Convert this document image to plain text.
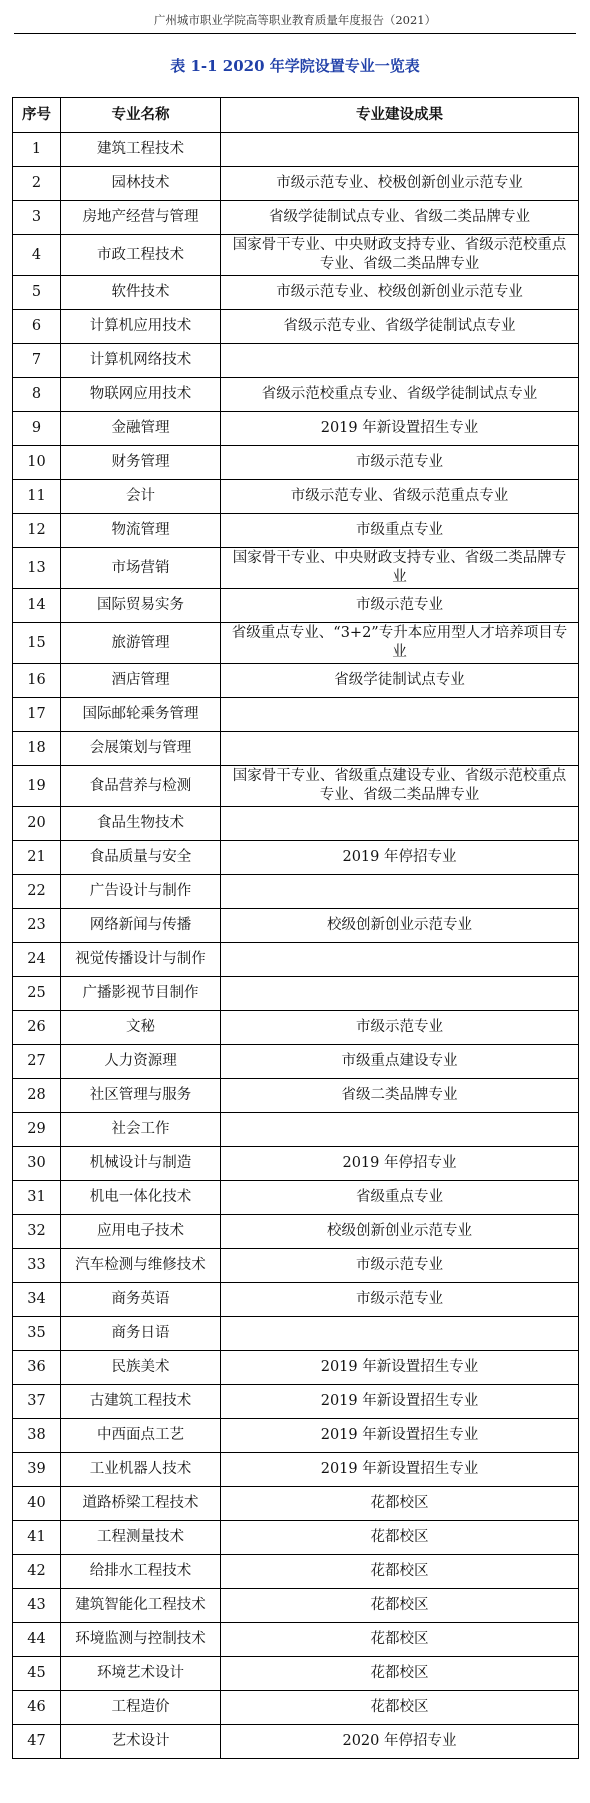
广州城市职业学院高等职业教育质量年度报告（2021）
表 1-1 2020 年学院设置专业一览表
序号	专业名称	专业建设成果
1	建筑工程技术	
2	园林技术	市级示范专业、校极创新创业示范专业
3	房地产经营与管理	省级学徒制试点专业、省级二类品牌专业
4	市政工程技术	国家骨干专业、中央财政支持专业、省级示范校重点专业、省级二类品牌专业
5	软件技术	市级示范专业、校级创新创业示范专业
6	计算机应用技术	省级示范专业、省级学徒制试点专业
7	计算机网络技术	
8	物联网应用技术	省级示范校重点专业、省级学徒制试点专业
9	金融管理	2019 年新设置招生专业
10	财务管理	市级示范专业
11	会计	市级示范专业、省级示范重点专业
12	物流管理	市级重点专业
13	市场营销	国家骨干专业、中央财政支持专业、省级二类品牌专业
14	国际贸易实务	市级示范专业
15	旅游管理	省级重点专业、“3+2”专升本应用型人才培养项目专业
16	酒店管理	省级学徒制试点专业
17	国际邮轮乘务管理	
18	会展策划与管理	
19	食品营养与检测	国家骨干专业、省级重点建设专业、省级示范校重点专业、省级二类品牌专业
20	食品生物技术	
21	食品质量与安全	2019 年停招专业
22	广告设计与制作	
23	网络新闻与传播	校级创新创业示范专业
24	视觉传播设计与制作	
25	广播影视节目制作	
26	文秘	市级示范专业
27	人力资源理	市级重点建设专业
28	社区管理与服务	省级二类品牌专业
29	社会工作	
30	机械设计与制造	2019 年停招专业
31	机电一体化技术	省级重点专业
32	应用电子技术	校级创新创业示范专业
33	汽车检测与维修技术	市级示范专业
34	商务英语	市级示范专业
35	商务日语	
36	民族美术	2019 年新设置招生专业
37	古建筑工程技术	2019 年新设置招生专业
38	中西面点工艺	2019 年新设置招生专业
39	工业机器人技术	2019 年新设置招生专业
40	道路桥梁工程技术	花都校区
41	工程测量技术	花都校区
42	给排水工程技术	花都校区
43	建筑智能化工程技术	花都校区
44	环境监测与控制技术	花都校区
45	环境艺术设计	花都校区
46	工程造价	花都校区
47	艺术设计	2020 年停招专业
